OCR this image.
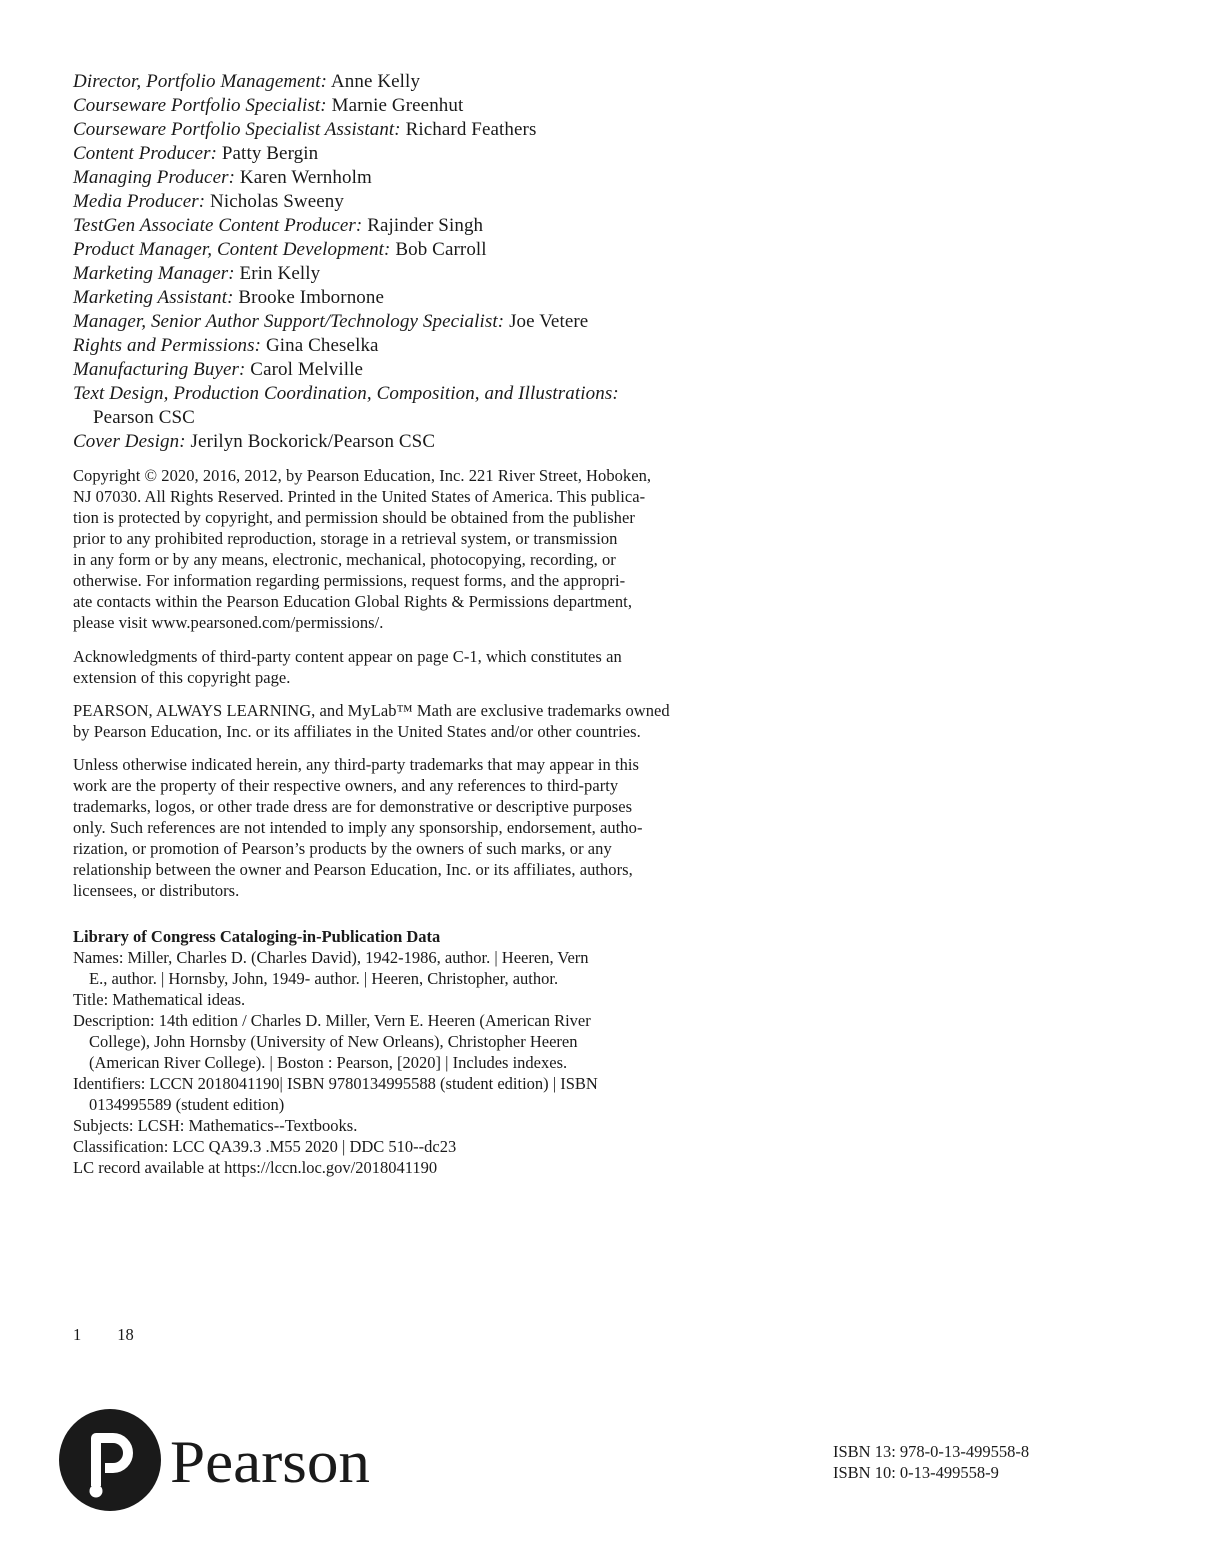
Director, Portfolio Management: Anne Kelly
Courseware Portfolio Specialist: Marnie Greenhut
Courseware Portfolio Specialist Assistant: Richard Feathers
Content Producer: Patty Bergin
Managing Producer: Karen Wernholm
Media Producer: Nicholas Sweeny
TestGen Associate Content Producer: Rajinder Singh
Product Manager, Content Development: Bob Carroll
Marketing Manager: Erin Kelly
Marketing Assistant: Brooke Imbornone
Manager, Senior Author Support/Technology Specialist: Joe Vetere
Rights and Permissions: Gina Cheselka
Manufacturing Buyer: Carol Melville
Text Design, Production Coordination, Composition, and Illustrations:
Pearson CSC
Cover Design: Jerilyn Bockorick/Pearson CSC
Copyright © 2020, 2016, 2012, by Pearson Education, Inc. 221 River Street, Hoboken,
NJ 07030. All Rights Reserved. Printed in the United States of America. This publica-
tion is protected by copyright, and permission should be obtained from the publisher
prior to any prohibited reproduction, storage in a retrieval system, or transmission
in any form or by any means, electronic, mechanical, photocopying, recording, or
otherwise. For information regarding permissions, request forms, and the appropri-
ate contacts within the Pearson Education Global Rights & Permissions department,
please visit www.pearsoned.com/permissions/.
Acknowledgments of third-party content appear on page C-1, which constitutes an
extension of this copyright page.
PEARSON, ALWAYS LEARNING, and MyLab™ Math are exclusive trademarks owned
by Pearson Education, Inc. or its affiliates in the United States and/or other countries.
Unless otherwise indicated herein, any third-party trademarks that may appear in this
work are the property of their respective owners, and any references to third-party
trademarks, logos, or other trade dress are for demonstrative or descriptive purposes
only. Such references are not intended to imply any sponsorship, endorsement, autho-
rization, or promotion of Pearson’s products by the owners of such marks, or any
relationship between the owner and Pearson Education, Inc. or its affiliates, authors,
licensees, or distributors.
Library of Congress Cataloging-in-Publication Data
Names: Miller, Charles D. (Charles David), 1942-1986, author. | Heeren, Vern
E., author. | Hornsby, John, 1949- author. | Heeren, Christopher, author.
Title: Mathematical ideas.
Description: 14th edition / Charles D. Miller, Vern E. Heeren (American River
College), John Hornsby (University of New Orleans), Christopher Heeren
(American River College). | Boston : Pearson, [2020] | Includes indexes.
Identifiers: LCCN 2018041190| ISBN 9780134995588 (student edition) | ISBN
0134995589 (student edition)
Subjects: LCSH: Mathematics--Textbooks.
Classification: LCC QA39.3 .M55 2020 | DDC 510--dc23
LC record available at https://lccn.loc.gov/2018041190
1 18
Pearson	ISBN 13: 978-0-13-499558-8
ISBN 10: 0-13-499558-9
